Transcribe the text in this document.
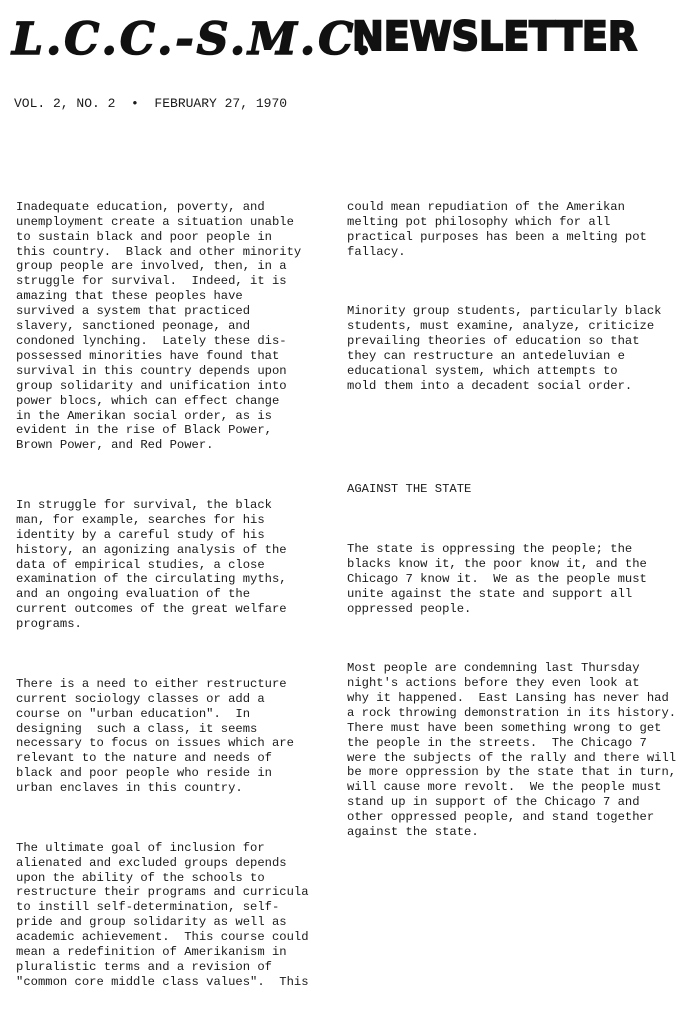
L.C.C.-S.M.C.
NEWSLETTER
VOL. 2, NO. 2  •  FEBRUARY 27, 1970

Inadequate education, poverty, and
unemployment create a situation unable
to sustain black and poor people in
this country.  Black and other minority
group people are involved, then, in a
struggle for survival.  Indeed, it is
amazing that these peoples have
survived a system that practiced
slavery, sanctioned peonage, and
condoned lynching.  Lately these dis-
possessed minorities have found that
survival in this country depends upon
group solidarity and unification into
power blocs, which can effect change
in the Amerikan social order, as is
evident in the rise of Black Power,
Brown Power, and Red Power.

In struggle for survival, the black
man, for example, searches for his
identity by a careful study of his
history, an agonizing analysis of the
data of empirical studies, a close
examination of the circulating myths,
and an ongoing evaluation of the
current outcomes of the great welfare
programs.

There is a need to either restructure
current sociology classes or add a
course on "urban education".  In
designing  such a class, it seems
necessary to focus on issues which are
relevant to the nature and needs of
black and poor people who reside in
urban enclaves in this country.

The ultimate goal of inclusion for
alienated and excluded groups depends
upon the ability of the schools to
restructure their programs and curricula
to instill self-determination, self-
pride and group solidarity as well as
academic achievement.  This course could
mean a redefinition of Amerikanism in
pluralistic terms and a revision of
"common core middle class values".  This

could mean repudiation of the Amerikan
melting pot philosophy which for all
practical purposes has been a melting pot
fallacy.

Minority group students, particularly black
students, must examine, analyze, criticize
prevailing theories of education so that
they can restructure an antedeluvian e
educational system, which attempts to
mold them into a decadent social order.

AGAINST THE STATE

The state is oppressing the people; the
blacks know it, the poor know it, and the
Chicago 7 know it.  We as the people must
unite against the state and support all
oppressed people.

Most people are condemning last Thursday
night's actions before they even look at
why it happened.  East Lansing has never had
a rock throwing demonstration in its history.
There must have been something wrong to get
the people in the streets.  The Chicago 7
were the subjects of the rally and there will
be more oppression by the state that in turn,
will cause more revolt.  We the people must
stand up in support of the Chicago 7 and
other oppressed people, and stand together
against the state.
